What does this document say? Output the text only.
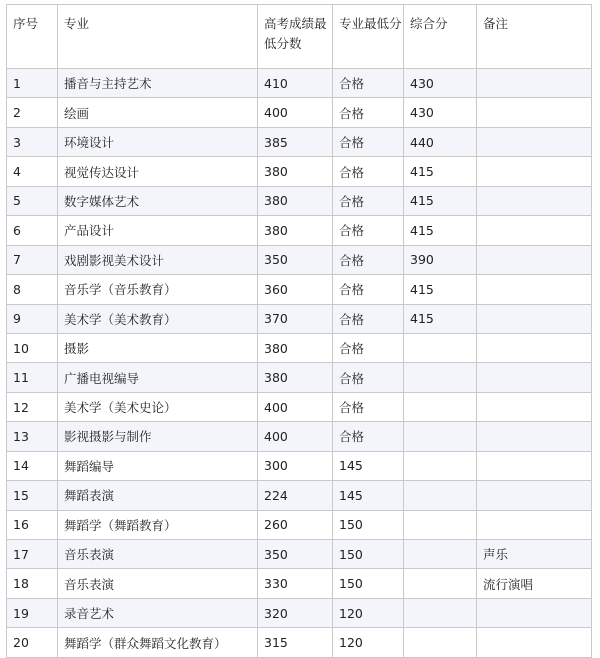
序号	专业	高考成绩最低分数	专业最低分	综合分	备注
1	播音与主持艺术	410	合格	430	
2	绘画	400	合格	430	
3	环境设计	385	合格	440	
4	视觉传达设计	380	合格	415	
5	数字媒体艺术	380	合格	415	
6	产品设计	380	合格	415	
7	戏剧影视美术设计	350	合格	390	
8	音乐学（音乐教育）	360	合格	415	
9	美术学（美术教育）	370	合格	415	
10	摄影	380	合格		
11	广播电视编导	380	合格		
12	美术学（美术史论）	400	合格		
13	影视摄影与制作	400	合格		
14	舞蹈编导	300	145		
15	舞蹈表演	224	145		
16	舞蹈学（舞蹈教育）	260	150		
17	音乐表演	350	150		声乐
18	音乐表演	330	150		流行演唱
19	录音艺术	320	120		
20	舞蹈学（群众舞蹈文化教育）	315	120		
